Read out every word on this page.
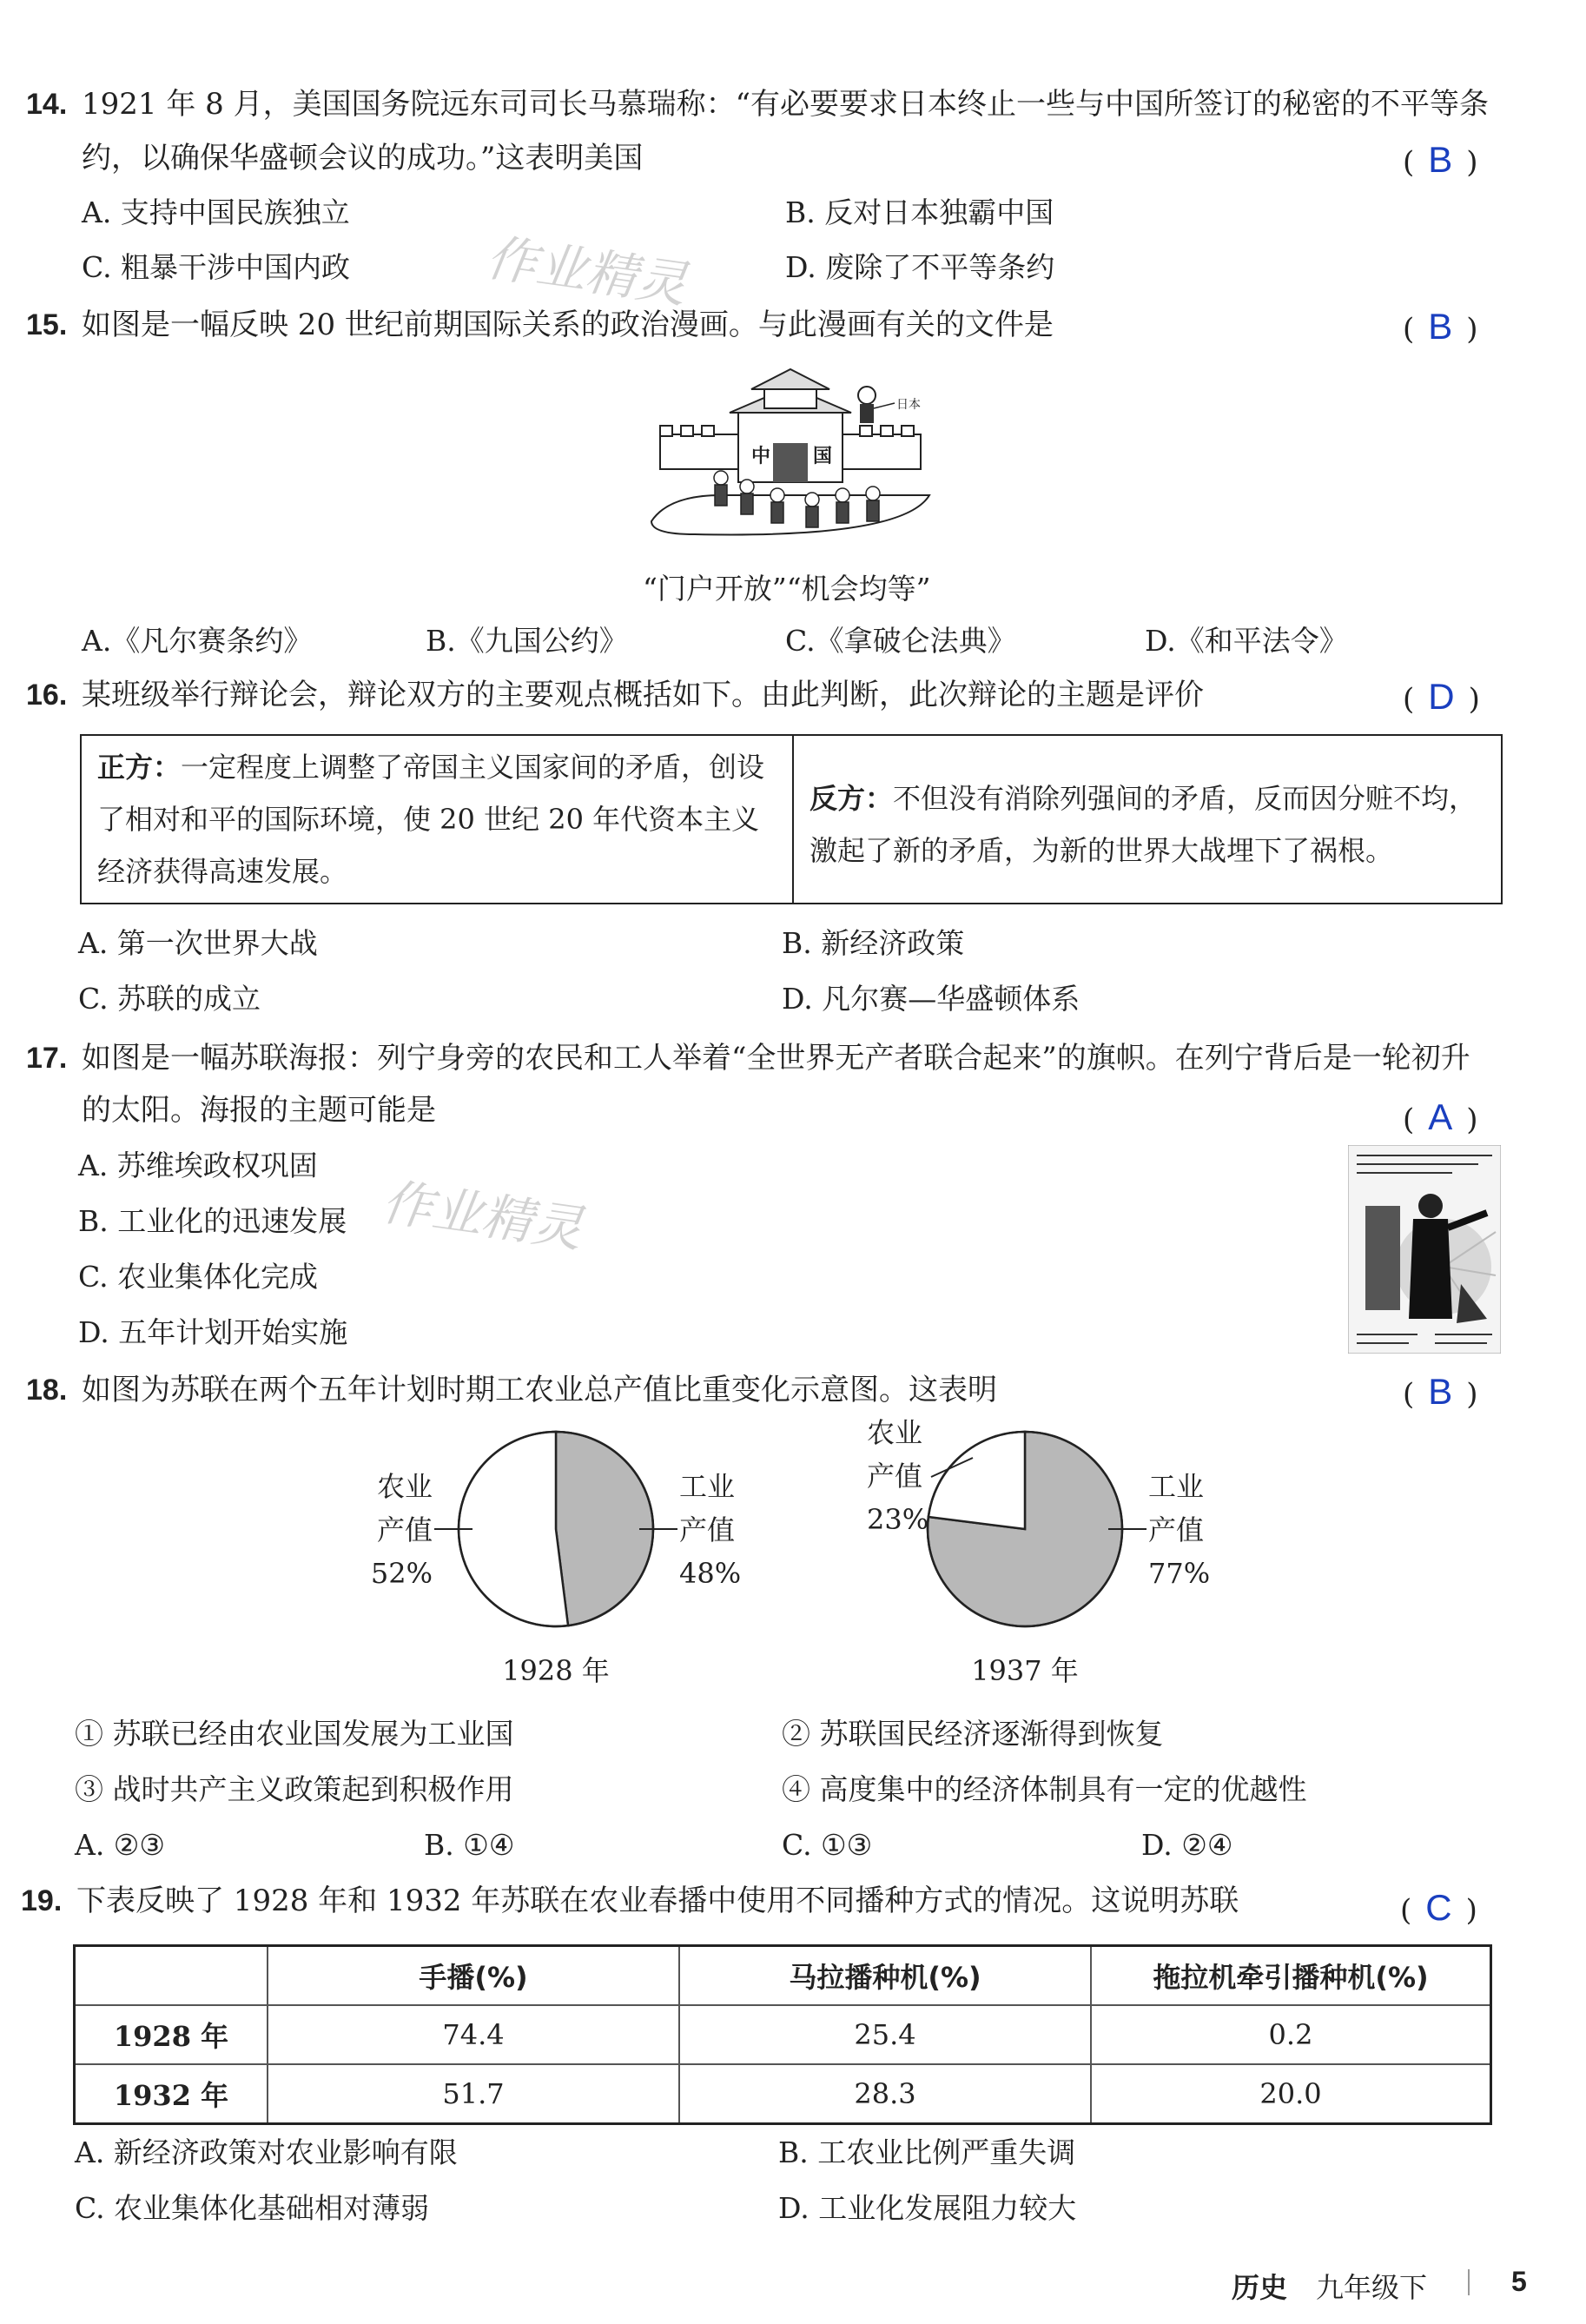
14. 1921 年 8 月，美国国务院远东司司长马慕瑞称：“有必要要求日本终止一些与中国所签订的秘密的不平等条
约，以确保华盛顿会议的成功。”这表明美国	( B )
A. 支持中国民族独立	B. 反对日本独霸中国
C. 粗暴干涉中国内政	D. 废除了不平等条约
作业精灵
15. 如图是一幅反映 20 世纪前期国际关系的政治漫画。与此漫画有关的文件是	( B )
中 国
日本
“门户开放”“机会均等”
A.《凡尔赛条约》	B.《九国公约》	C.《拿破仑法典》	D.《和平法令》
16. 某班级举行辩论会，辩论双方的主要观点概括如下。由此判断，此次辩论的主题是评价	( D )
正方：一定程度上调整了帝国主义国家间的矛盾，创设了相对和平的国际环境，使 20 世纪 20 年代资本主义经济获得高速发展。
反方：不但没有消除列强间的矛盾，反而因分赃不均，激起了新的矛盾，为新的世界大战埋下了祸根。
A. 第一次世界大战	B. 新经济政策
C. 苏联的成立	D. 凡尔赛—华盛顿体系
17. 如图是一幅苏联海报：列宁身旁的农民和工人举着“全世界无产者联合起来”的旗帜。在列宁背后是一轮初升
的太阳。海报的主题可能是	( A )
A. 苏维埃政权巩固
B. 工业化的迅速发展
C. 农业集体化完成
D. 五年计划开始实施
作业精灵
18. 如图为苏联在两个五年计划时期工农业总产值比重变化示意图。这表明	( B )
工业
产值
48%
农业
产值
52%
1928 年
工业
产值
77%
农业
产值
23%
1937 年
① 苏联已经由农业国发展为工业国	② 苏联国民经济逐渐得到恢复
③ 战时共产主义政策起到积极作用	④ 高度集中的经济体制具有一定的优越性
A. ②③	B. ①④	C. ①③	D. ②④
19. 下表反映了 1928 年和 1932 年苏联在农业春播中使用不同播种方式的情况。这说明苏联	( C )
	手播(%)	马拉播种机(%)	拖拉机牵引播种机(%)
1928 年	74.4	25.4	0.2
1932 年	51.7	28.3	20.0
A. 新经济政策对农业影响有限	B. 工农业比例严重失调
C. 农业集体化基础相对薄弱	D. 工业化发展阻力较大
历史 九年级下	5
